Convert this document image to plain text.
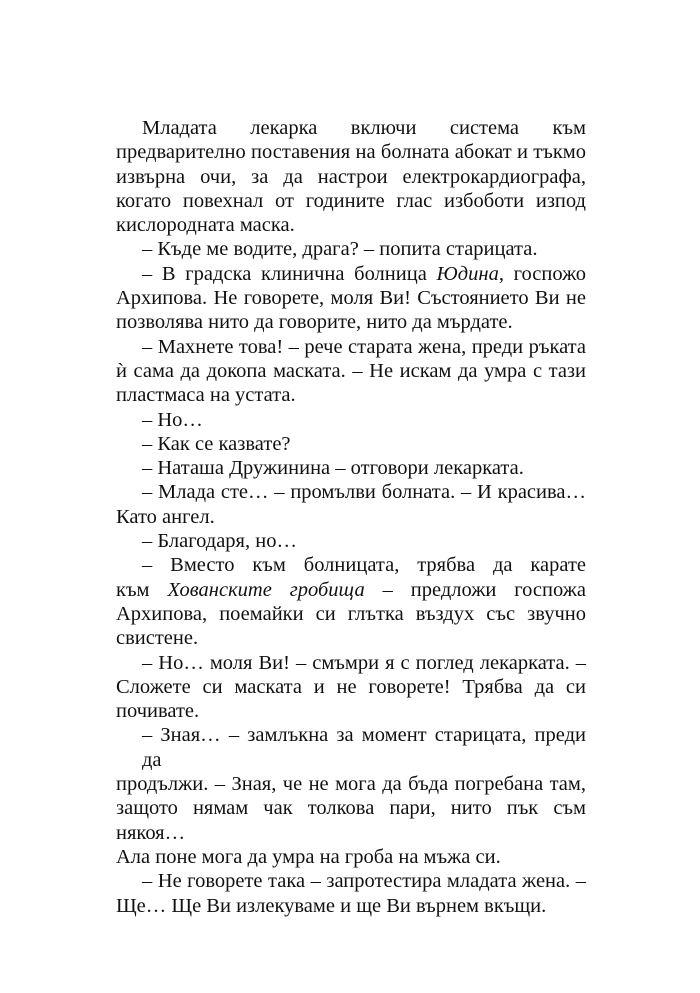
Младата лекарка включи система към
предварително поставения на болната абокат и тъкмо
извърна очи, за да настрои електрокардиографа,
когато повехнал от годините глас избоботи изпод
кислородната маска.
– Къде ме водите, драга? – попита старицата.
– В градска клинична болница Юдина, госпожо
Архипова. Не говорете, моля Ви! Състоянието Ви не
позволява нито да говорите, нито да мърдате.
– Махнете това! – рече старата жена, преди ръката
ѝ сама да докопа маската. – Не искам да умра с тази
пластмаса на устата.
– Но…
– Как се казвате?
– Наташа Дружинина – отговори лекарката.
– Млада сте… – промълви болната. – И красива…
Като ангел.
– Благодаря, но…
– Вместо към болницата, трябва да карате
към Хованските гробища – предложи госпожа
Архипова, поемайки си глътка въздух със звучно
свистене.
– Но… моля Ви! – смъмри я с поглед лекарката. –
Сложете си маската и не говорете! Трябва да си
почивате.
– Зная… – замлъкна за момент старицата, преди да
продължи. – Зная, че не мога да бъда погребана там,
защото нямам чак толкова пари, нито пък съм някоя…
Ала поне мога да умра на гроба на мъжа си.
– Не говорете така – запротестира младата жена. –
Ще… Ще Ви излекуваме и ще Ви върнем вкъщи.
